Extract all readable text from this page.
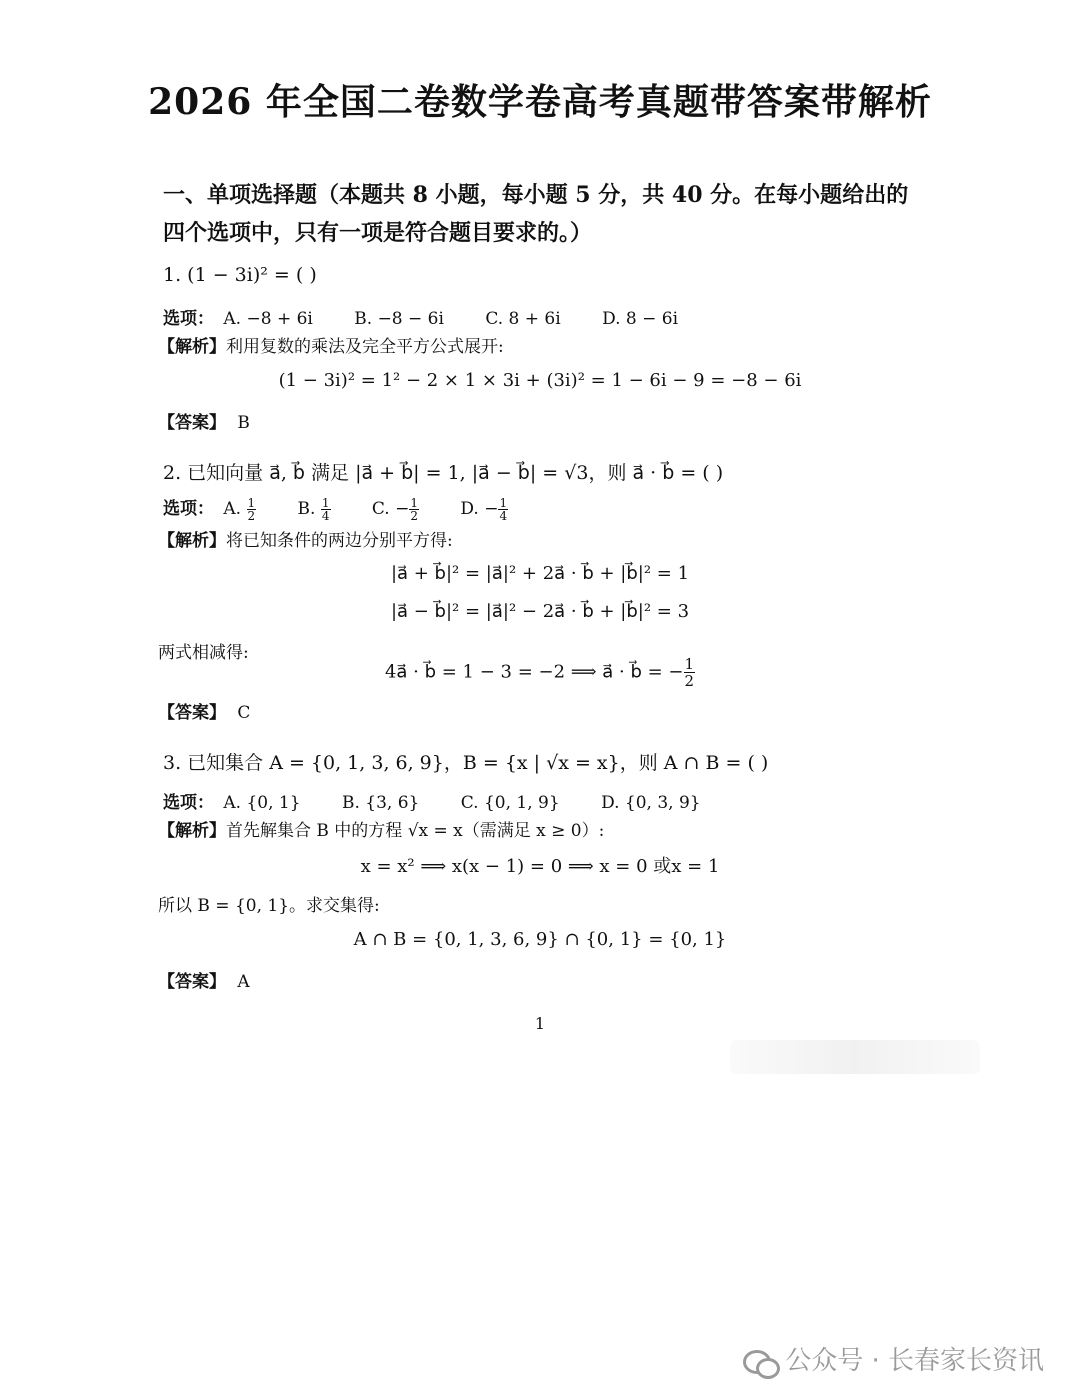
2026 年全国二卷数学卷高考真题带答案带解析
一、单项选择题（本题共 8 小题，每小题 5 分，共 40 分。在每小题给出的
四个选项中，只有一项是符合题目要求的。）
1. (1 − 3i)² = ( )
选项： A. −8 + 6i B. −8 − 6i C. 8 + 6i D. 8 − 6i
【解析】利用复数的乘法及完全平方公式展开:
(1 − 3i)² = 1² − 2 × 1 × 3i + (3i)² = 1 − 6i − 9 = −8 − 6i
【答案】 B
2. 已知向量 a⃗, b⃗ 满足 |a⃗ + b⃗| = 1, |a⃗ − b⃗| = √3，则 a⃗ · b⃗ = ( )
选项： A. $\frac{1}{2} B$. $\frac{1}{4} C$. − $\frac{1}{2} D$. − $\frac{1}{4}$
【解析】将已知条件的两边分别平方得:
|a⃗ + b⃗|² = |a⃗|² + 2a⃗ · b⃗ + |b⃗|² = 1
|a⃗ − b⃗|² = |a⃗|² − 2a⃗ · b⃗ + |b⃗|² = 3
两式相减得:
4a⃗ · b⃗ = 1 − 3 = −2 ⟹ a⃗ · b⃗ = − $\frac{1}{2}$
【答案】 C
3. 已知集合 A = {0, 1, 3, 6, 9}，B = {x | √x = x}，则 A ∩ B = ( )
选项： A. {0, 1} B. {3, 6} C. {0, 1, 9} D. {0, 3, 9}
【解析】首先解集合 B 中的方程 √x = x（需满足 x ≥ 0）:
x = x² ⟹ x(x − 1) = 0 ⟹ x = 0 或x = 1
所以 B = {0, 1}。求交集得:
A ∩ B = {0, 1, 3, 6, 9} ∩ {0, 1} = {0, 1}
【答案】 A
1
公众号 · 长春家长资讯
